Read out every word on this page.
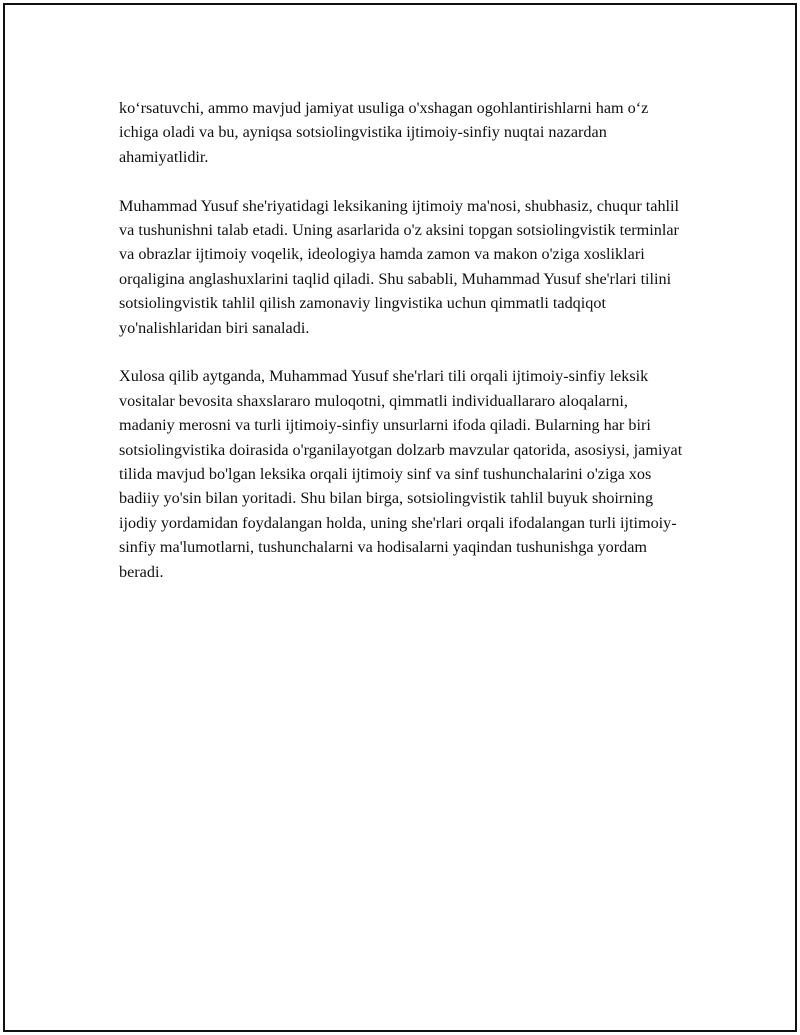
ko‘rsatuvchi, ammo mavjud jamiyat usuliga o'xshagan ogohlantirishlarni ham o‘z ichiga oladi va bu, ayniqsa sotsiolingvistika ijtimoiy-sinfiy nuqtai nazardan ahamiyatlidir.

Muhammad Yusuf she'riyatidagi leksikaning ijtimoiy ma'nosi, shubhasiz, chuqur tahlil va tushunishni talab etadi. Uning asarlarida o'z aksini topgan sotsiolingvistik terminlar va obrazlar ijtimoiy voqelik, ideologiya hamda zamon va makon o'ziga xosliklari orqaligina anglashuxlarini taqlid qiladi. Shu sababli, Muhammad Yusuf she'rlari tilini sotsiolingvistik tahlil qilish zamonaviy lingvistika uchun qimmatli tadqiqot yo'nalishlaridan biri sanaladi.

Xulosa qilib aytganda, Muhammad Yusuf she'rlari tili orqali ijtimoiy-sinfiy leksik vositalar bevosita shaxslararo muloqotni, qimmatli individuallararo aloqalarni, madaniy merosni va turli ijtimoiy-sinfiy unsurlarni ifoda qiladi. Bularning har biri sotsiolingvistika doirasida o'rganilayotgan dolzarb mavzular qatorida, asosiysi, jamiyat tilida mavjud bo'lgan leksika orqali ijtimoiy sinf va sinf tushunchalarini o'ziga xos badiiy yo'sin bilan yoritadi. Shu bilan birga, sotsiolingvistik tahlil buyuk shoirning ijodiy yordamidan foydalangan holda, uning she'rlari orqali ifodalangan turli ijtimoiy-sinfiy ma'lumotlarni, tushunchalarni va hodisalarni yaqindan tushunishga yordam beradi.
